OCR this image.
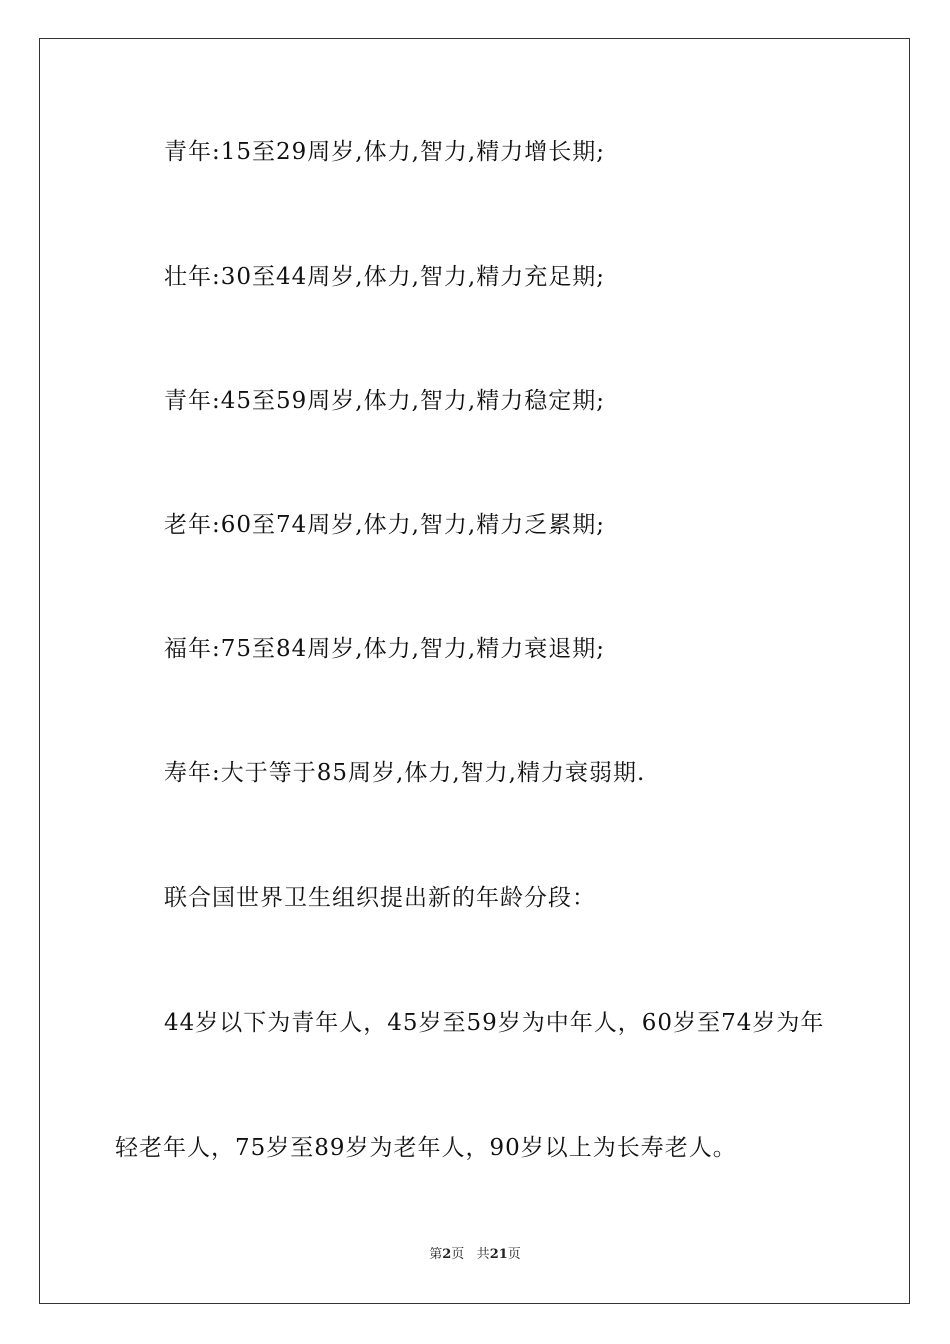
青年:15至29周岁,体力,智力,精力增长期;
壮年:30至44周岁,体力,智力,精力充足期;
青年:45至59周岁,体力,智力,精力稳定期;
老年:60至74周岁,体力,智力,精力乏累期;
福年:75至84周岁,体力,智力,精力衰退期;
寿年:大于等于85周岁,体力,智力,精力衰弱期.
联合国世界卫生组织提出新的年龄分段：
44岁以下为青年人，45岁至59岁为中年人，60岁至74岁为年
轻老年人，75岁至89岁为老年人，90岁以上为长寿老人。
第2页 共21页
